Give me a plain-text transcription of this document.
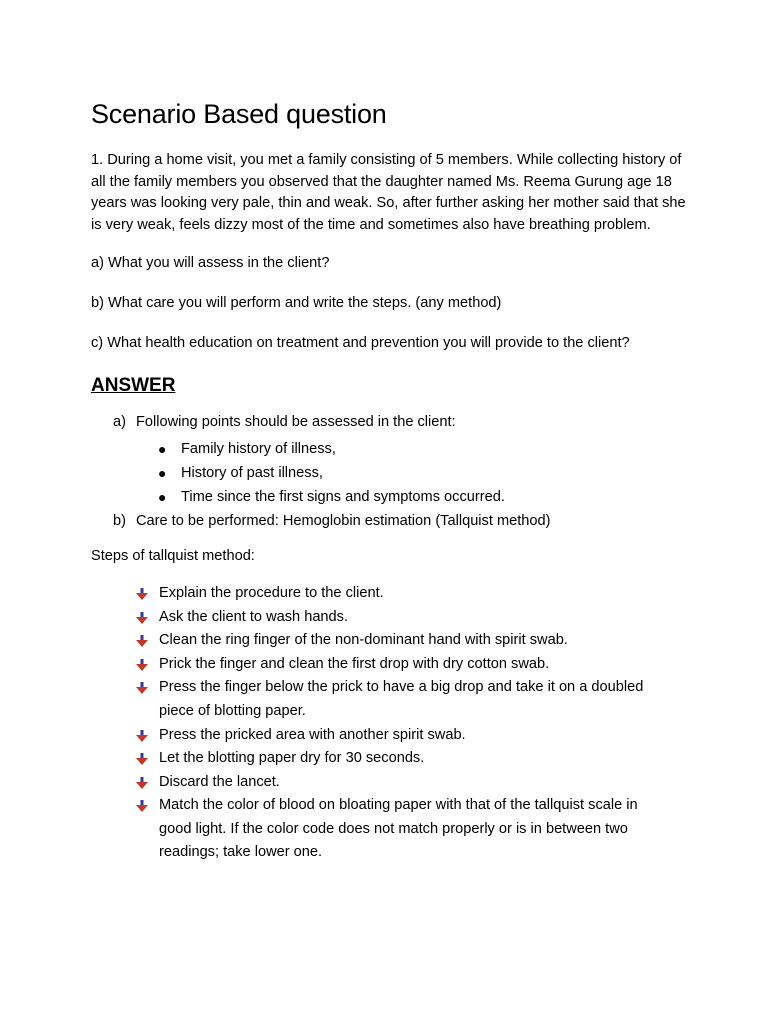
Scenario Based question

1. During a home visit, you met a family consisting of 5 members. While collecting history of all the family members you observed that the daughter named Ms. Reema Gurung age 18 years was looking very pale, thin and weak. So, after further asking her mother said that she is very weak, feels dizzy most of the time and sometimes also have breathing problem.

a) What you will assess in the client?

b) What care you will perform and write the steps. (any method)

c) What health education on treatment and prevention you will provide to the client?

ANSWER
a) Following points should be assessed in the client:
● Family history of illness,
● History of past illness,
● Time since the first signs and symptoms occurred.
b) Care to be performed: Hemoglobin estimation (Tallquist method)

Steps of tallquist method:

Explain the procedure to the client.
Ask the client to wash hands.
Clean the ring finger of the non-dominant hand with spirit swab.
Prick the finger and clean the first drop with dry cotton swab.
Press the finger below the prick to have a big drop and take it on a doubled piece of blotting paper.
Press the pricked area with another spirit swab.
Let the blotting paper dry for 30 seconds.
Discard the lancet.
Match the color of blood on bloating paper with that of the tallquist scale in good light. If the color code does not match properly or is in between two readings; take lower one.
